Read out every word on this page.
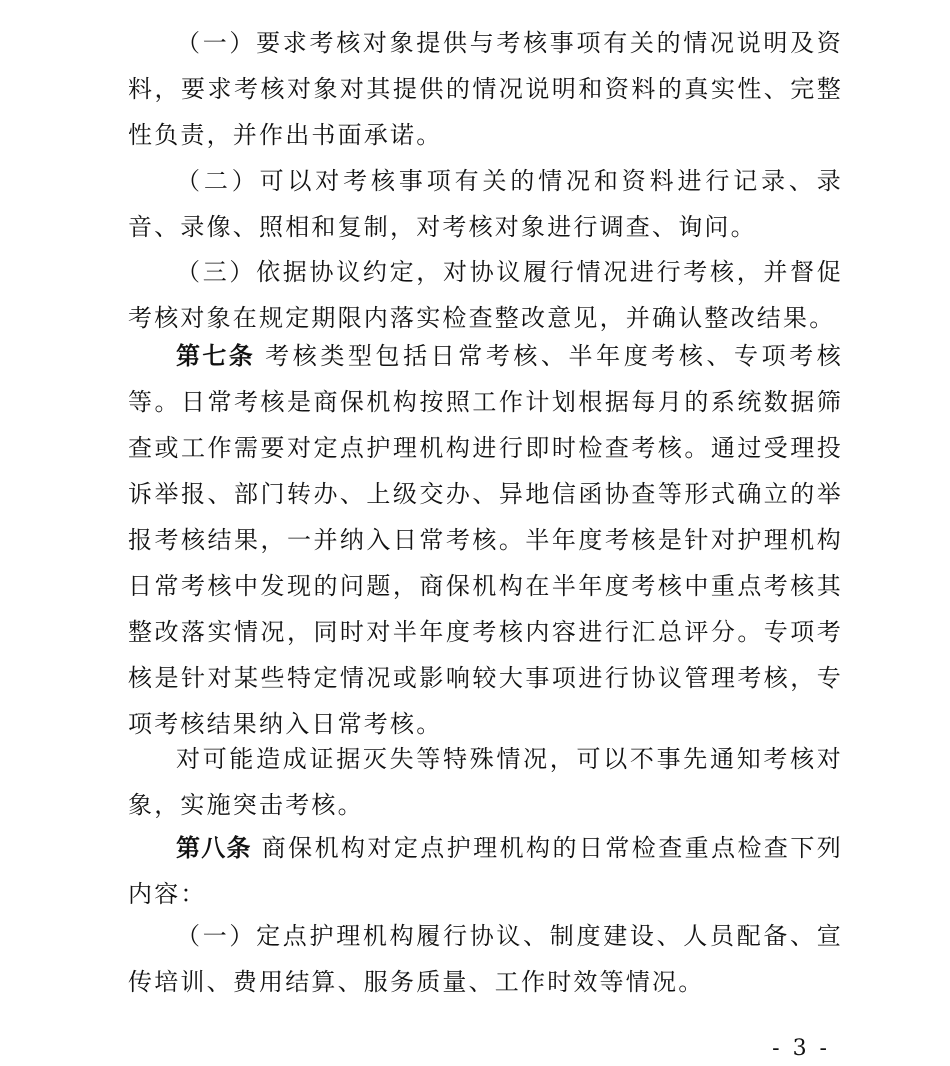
（一）要求考核对象提供与考核事项有关的情况说明及资料，要求考核对象对其提供的情况说明和资料的真实性、完整性负责，并作出书面承诺。

（二）可以对考核事项有关的情况和资料进行记录、录音、录像、照相和复制，对考核对象进行调查、询问。

（三）依据协议约定，对协议履行情况进行考核，并督促考核对象在规定期限内落实检查整改意见，并确认整改结果。

第七条 考核类型包括日常考核、半年度考核、专项考核等。日常考核是商保机构按照工作计划根据每月的系统数据筛查或工作需要对定点护理机构进行即时检查考核。通过受理投诉举报、部门转办、上级交办、异地信函协查等形式确立的举报考核结果，一并纳入日常考核。半年度考核是针对护理机构日常考核中发现的问题，商保机构在半年度考核中重点考核其整改落实情况，同时对半年度考核内容进行汇总评分。专项考核是针对某些特定情况或影响较大事项进行协议管理考核，专项考核结果纳入日常考核。

对可能造成证据灭失等特殊情况，可以不事先通知考核对象，实施突击考核。

第八条 商保机构对定点护理机构的日常检查重点检查下列内容：

（一）定点护理机构履行协议、制度建设、人员配备、宣传培训、费用结算、服务质量、工作时效等情况。

- 3 -
